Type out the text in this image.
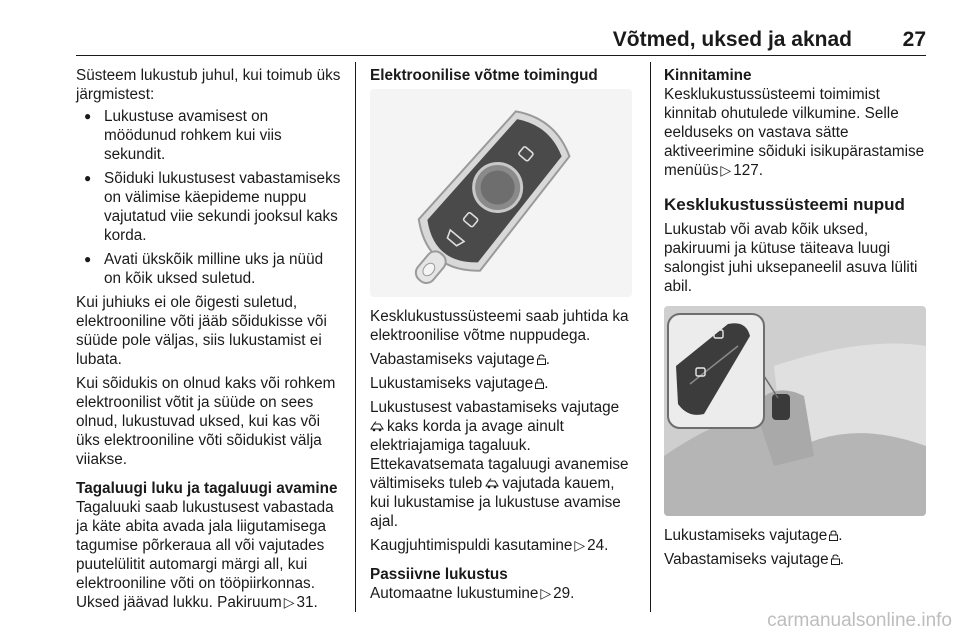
Võtmed, uksed ja aknad 27

Süsteem lukustub juhul, kui toimub üks järgmistest:

● Lukustuse avamisest on möödunud rohkem kui viis sekundit.
● Sõiduki lukustusest vabastamiseks on välimise käepideme nuppu vajutatud viie sekundi jooksul kaks korda.
● Avati ükskõik milline uks ja nüüd on kõik uksed suletud.

Kui juhiuks ei ole õigesti suletud, elektrooniline võti jääb sõidukisse või süüde pole väljas, siis lukustamist ei lubata.

Kui sõidukis on olnud kaks või rohkem elektroonilist võtit ja süüde on sees olnud, lukustuvad uksed, kui kas või üks elektrooniline võti sõidukist välja viiakse.

Tagaluugi luku ja tagaluugi avamine

Tagaluuki saab lukustusest vabastada ja käte abita avada jala liigutamisega tagumise põrkeraua all või vajutades puutelülitit automargi märgi all, kui elektrooniline võti on tööpiirkonnas. Uksed jäävad lukku. Pakiruum ▷ 31.

Elektroonilise võtme toimingud

Kesklukustussüsteemi saab juhtida ka elektroonilise võtme nuppudega.

Vabastamiseks vajutage .

Lukustamiseks vajutage .

Lukustusest vabastamiseks vajutage
kaks korda ja avage ainult elektriajamiga tagaluuk.
Ettekavatsemata tagaluugi avanemise vältimiseks tuleb vajutada kauem, kui lukustamise ja lukustuse avamise ajal.

Kaugjuhtimispuldi kasutamine ▷ 24.

Passiivne lukustus

Automaatne lukustumine ▷ 29.

Kinnitamine

Kesklukustussüsteemi toimimist kinnitab ohutulede vilkumine. Selle eelduseks on vastava sätte aktiveerimine sõiduki isikupärastamise menüüs ▷ 127.

Kesklukustussüsteemi nupud

Lukustab või avab kõik uksed, pakiruumi ja kütuse täiteava luugi salongist juhi uksepaneelil asuva lüliti abil.

Lukustamiseks vajutage .

Vabastamiseks vajutage .

carmanualsonline.info
